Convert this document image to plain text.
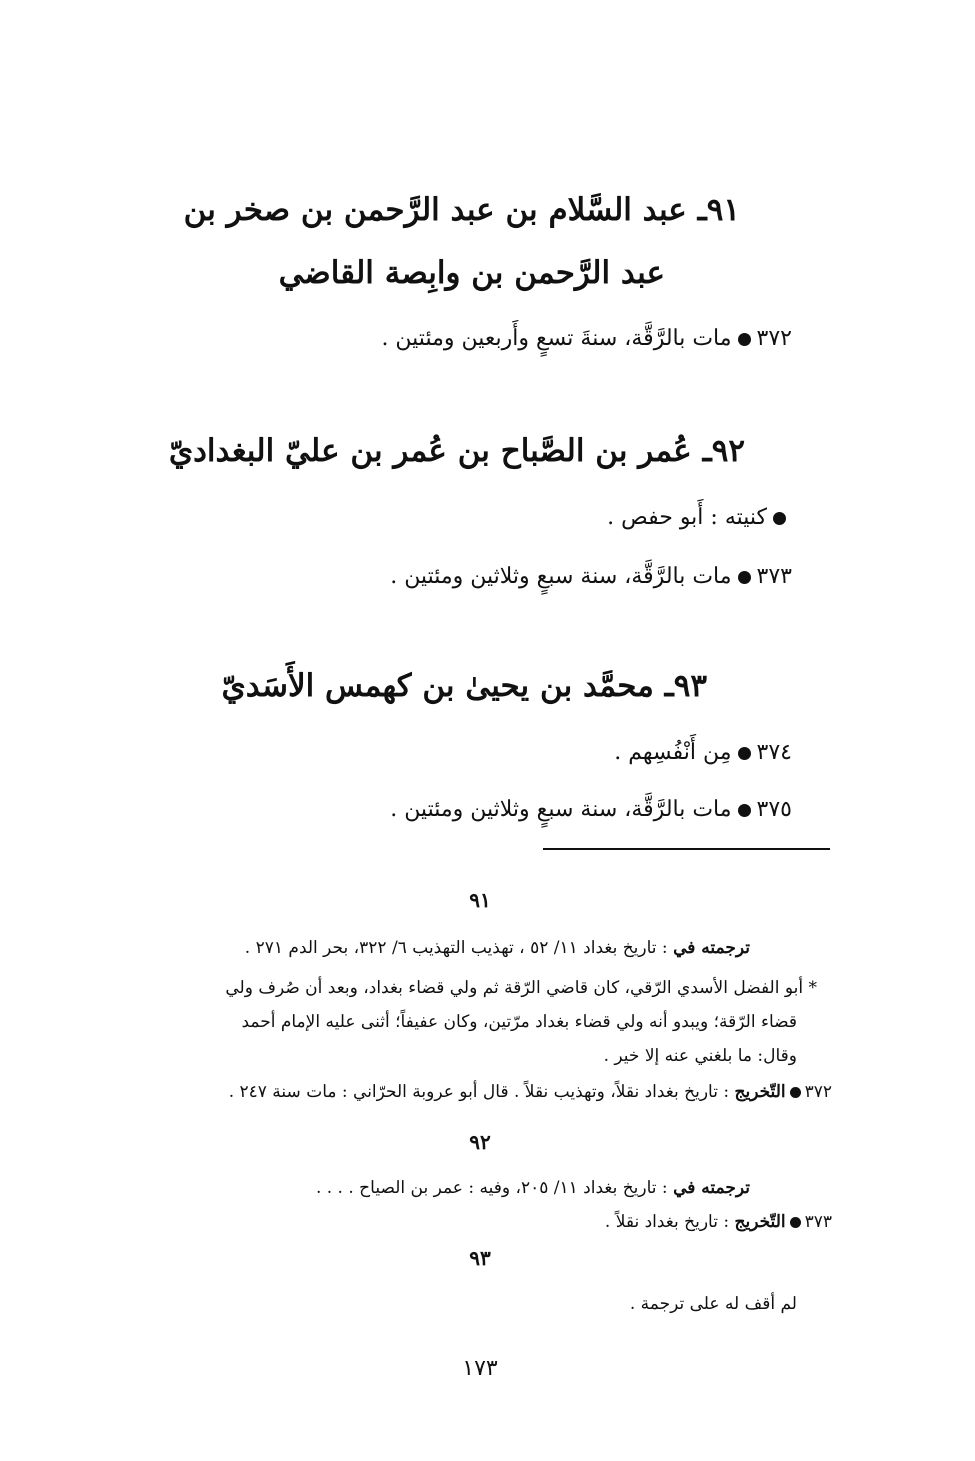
٩١ـ عبد السَّلام بن عبد الرَّحمن بن صخر بن
عبد الرَّحمن بن وابِصة القاضي
٣٧٢مات بالرَّقَّة، سنةَ تسعٍ وأَربعين ومئتين .
٩٢ـ عُمر بن الصَّباح بن عُمر بن عليّ البغداديّ
كنيته : أَبو حفص .
٣٧٣مات بالرَّقَّة، سنة سبعٍ وثلاثين ومئتين .
٩٣ـ محمَّد بن يحيىٰ بن كهمس الأَسَديّ
٣٧٤مِن أَنْفُسِهم .
٣٧٥مات بالرَّقَّة، سنة سبعٍ وثلاثين ومئتين .
٩١
ترجمته في : تاريخ بغداد ١١/ ٥٢ ، تهذيب التهذيب ٦/ ٣٢٢، بحر الدم ٢٧١ .
* أبو الفضل الأسدي الرّقي، كان قاضي الرّقة ثم ولي قضاء بغداد، وبعد أن صُرف ولي
قضاء الرّقة؛ ويبدو أنه ولي قضاء بغداد مرّتين، وكان عفيفاً؛ أثنى عليه الإمام أحمد
وقال: ما بلغني عنه إلا خير .
٣٧٢التّخريج : تاريخ بغداد نقلاً، وتهذيب نقلاً . قال أبو عروبة الحرّاني : مات سنة ٢٤٧ .
٩٢
ترجمته في : تاريخ بغداد ١١/ ٢٠٥، وفيه : عمر بن الصياح . . . .
٣٧٣التّخريج : تاريخ بغداد نقلاً .
٩٣
لم أقف له على ترجمة .
١٧٣
